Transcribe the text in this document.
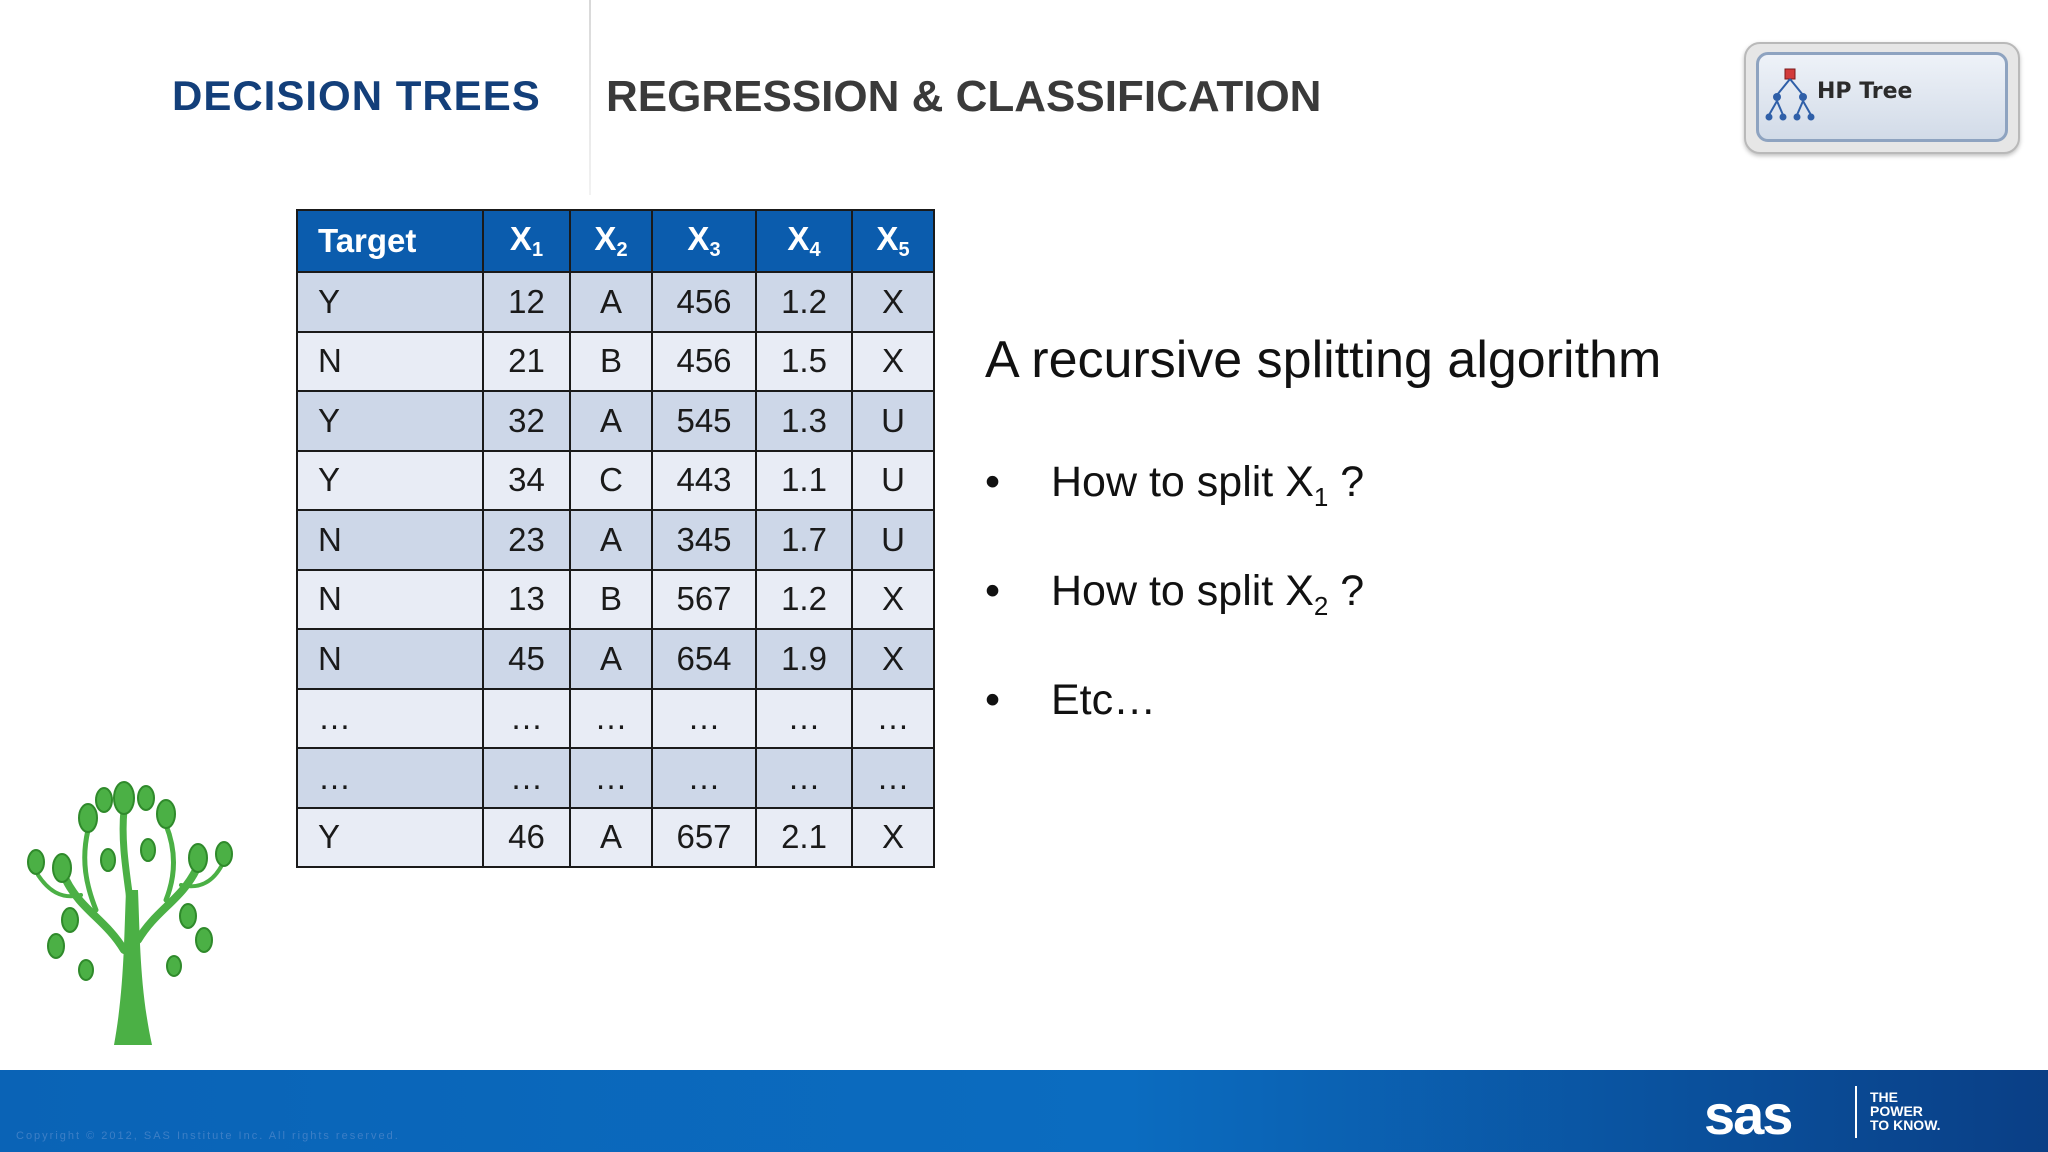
DECISION TREES REGRESSION & CLASSIFICATION	HP Tree
Target	$X_1$	$X_2$	$X_3$	$X_4$	$X_5$
Y	12	A	456	1.2	X
N	21	B	456	1.5	X
Y	32	A	545	1.3	U
Y	34	C	443	1.1	U
N	23	A	345	1.7	U
N	13	B	567	1.2	X
N	45	A	654	1.9	X
…	…	…	…	…	…
…	…	…	…	…	…
Y	46	A	657	2.1	X

A recursive splitting algorithm

• How to split $X_1$ ?
• How to split $X_2$ ?
• Etc…
Copyright © 2012, SAS Institute Inc. All rights reserved.	sas	THE
POWER
TO KNOW.
